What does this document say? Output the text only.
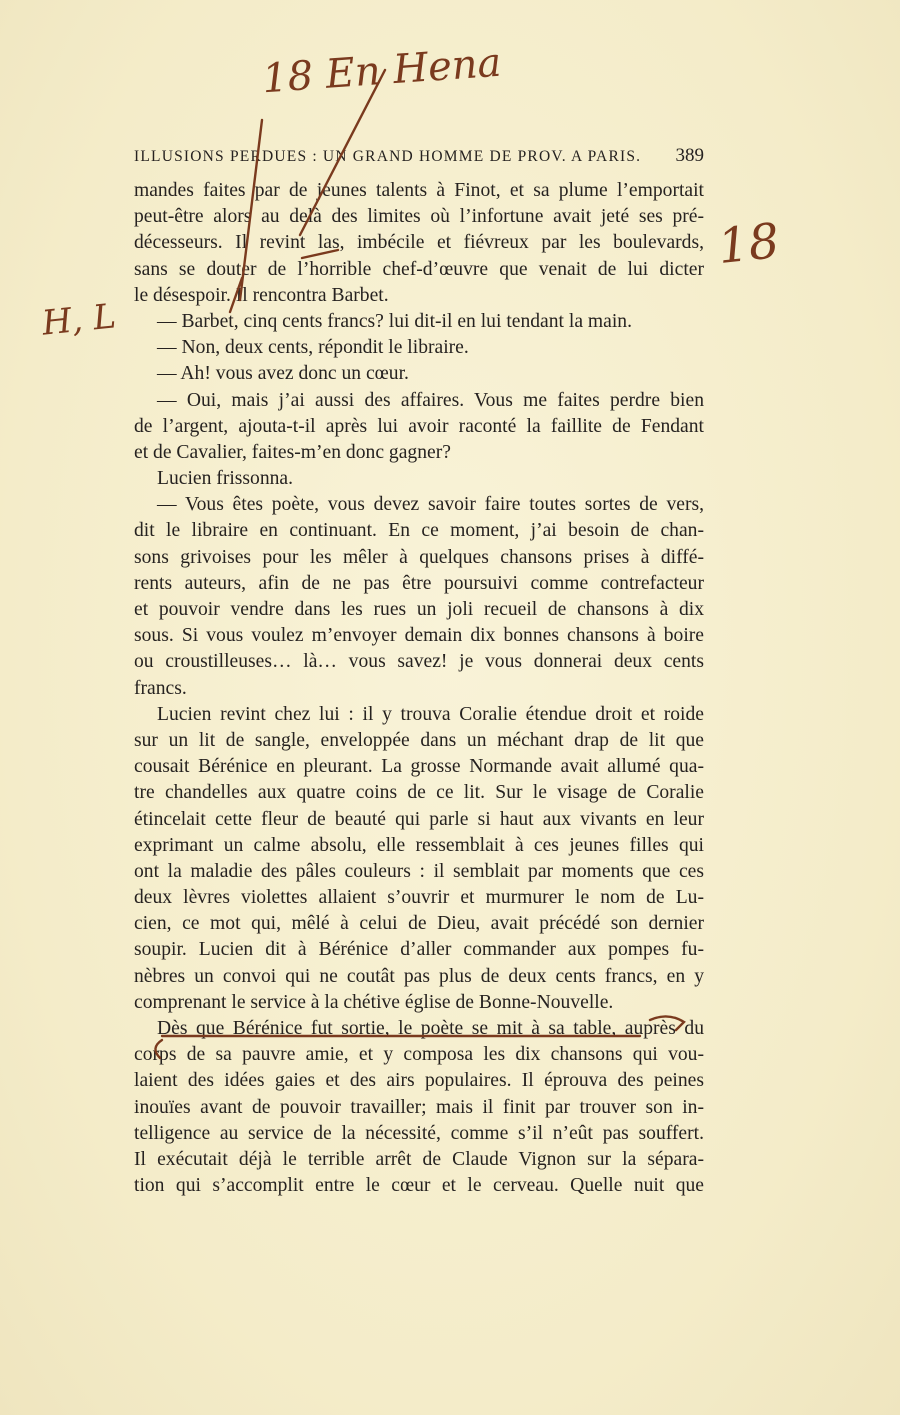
ILLUSIONS PERDUES : UN GRAND HOMME DE PROV. A PARIS. 389
mandes faites par de jeunes talents à Finot, et sa plume l’emportait
peut-être alors au delà des limites où l’infortune avait jeté ses pré-
décesseurs. Il revint las, imbécile et fiévreux par les boulevards,
sans se douter de l’horrible chef-d’œuvre que venait de lui dicter
le désespoir. Il rencontra Barbet.
— Barbet, cinq cents francs? lui dit-il en lui tendant la main.
— Non, deux cents, répondit le libraire.
— Ah! vous avez donc un cœur.
— Oui, mais j’ai aussi des affaires. Vous me faites perdre bien
de l’argent, ajouta-t-il après lui avoir raconté la faillite de Fendant
et de Cavalier, faites-m’en donc gagner?
Lucien frissonna.
— Vous êtes poète, vous devez savoir faire toutes sortes de vers,
dit le libraire en continuant. En ce moment, j’ai besoin de chan-
sons grivoises pour les mêler à quelques chansons prises à diffé-
rents auteurs, afin de ne pas être poursuivi comme contrefacteur
et pouvoir vendre dans les rues un joli recueil de chansons à dix
sous. Si vous voulez m’envoyer demain dix bonnes chansons à boire
ou croustilleuses… là… vous savez! je vous donnerai deux cents
francs.
Lucien revint chez lui : il y trouva Coralie étendue droit et roide
sur un lit de sangle, enveloppée dans un méchant drap de lit que
cousait Bérénice en pleurant. La grosse Normande avait allumé qua-
tre chandelles aux quatre coins de ce lit. Sur le visage de Coralie
étincelait cette fleur de beauté qui parle si haut aux vivants en leur
exprimant un calme absolu, elle ressemblait à ces jeunes filles qui
ont la maladie des pâles couleurs : il semblait par moments que ces
deux lèvres violettes allaient s’ouvrir et murmurer le nom de Lu-
cien, ce mot qui, mêlé à celui de Dieu, avait précédé son dernier
soupir. Lucien dit à Bérénice d’aller commander aux pompes fu-
nèbres un convoi qui ne coutât pas plus de deux cents francs, en y
comprenant le service à la chétive église de Bonne-Nouvelle.
Dès que Bérénice fut sortie, le poète se mit à sa table, auprès du
corps de sa pauvre amie, et y composa les dix chansons qui vou-
laient des idées gaies et des airs populaires. Il éprouva des peines
inouïes avant de pouvoir travailler; mais il finit par trouver son in-
telligence au service de la nécessité, comme s’il n’eût pas souffert.
Il exécutait déjà le terrible arrêt de Claude Vignon sur la sépara-
tion qui s’accomplit entre le cœur et le cerveau. Quelle nuit que
18 En Hena
18
H, L
